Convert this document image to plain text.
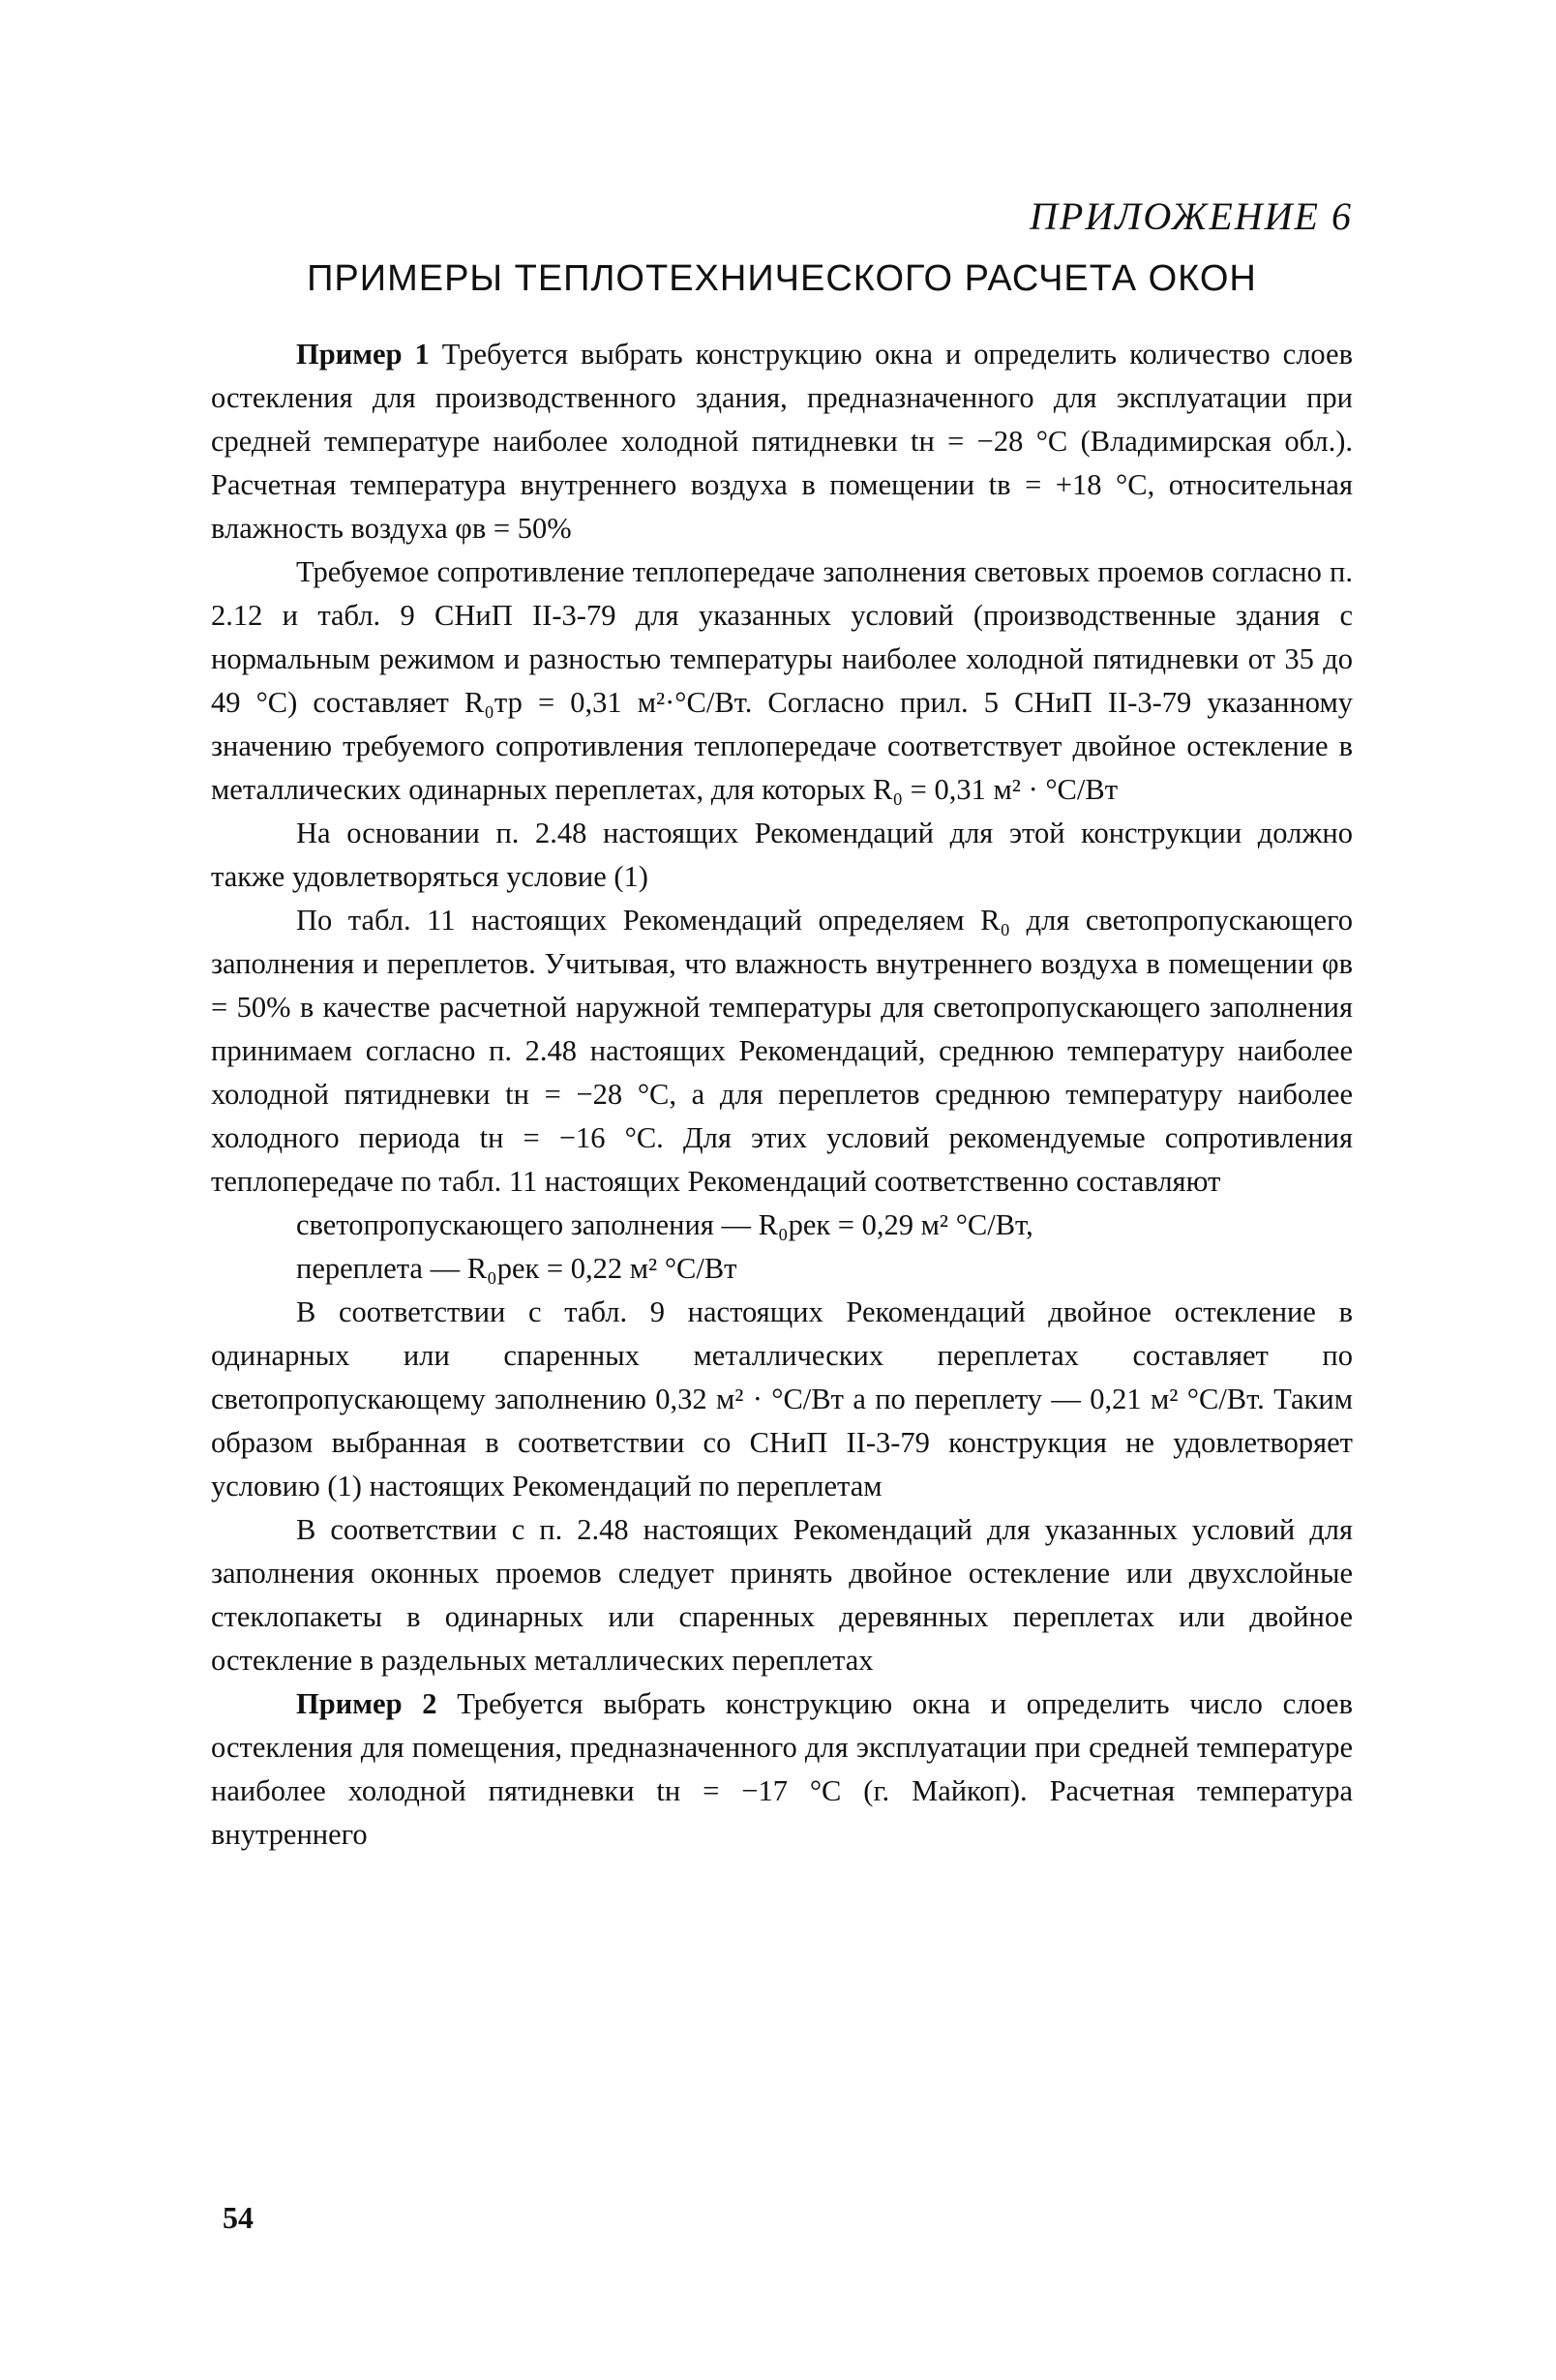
ПРИЛОЖЕНИЕ 6

ПРИМЕРЫ ТЕПЛОТЕХНИЧЕСКОГО РАСЧЕТА ОКОН

Пример 1 Требуется выбрать конструкцию окна и определить количество слоев остекления для производственного здания, предназначенного для эксплуатации при средней температуре наиболее холодной пятидневки tн = −28 °С (Владимирская обл.). Расчетная температура внутреннего воздуха в помещении tв = +18 °С, относительная влажность воздуха φв = 50%

Требуемое сопротивление теплопередаче заполнения световых проемов согласно п. 2.12 и табл. 9 СНиП II-3-79 для указанных условий (производственные здания с нормальным режимом и разностью температуры наиболее холодной пятидневки от 35 до 49 °С) составляет R₀тр = 0,31 м²·°С/Вт. Согласно прил. 5 СНиП II-3-79 указанному значению требуемого сопротивления теплопередаче соответствует двойное остекление в металлических одинарных переплетах, для которых R₀ = 0,31 м² · °С/Вт

На основании п. 2.48 настоящих Рекомендаций для этой конструкции должно также удовлетворяться условие (1)

По табл. 11 настоящих Рекомендаций определяем R₀ для светопропускающего заполнения и переплетов. Учитывая, что влажность внутреннего воздуха в помещении φв = 50% в качестве расчетной наружной температуры для светопропускающего заполнения принимаем согласно п. 2.48 настоящих Рекомендаций, среднюю температуру наиболее холодной пятидневки tн = −28 °С, а для переплетов среднюю температуру наиболее холодного периода tн = −16 °С. Для этих условий рекомендуемые сопротивления теплопередаче по табл. 11 настоящих Рекомендаций соответственно составляют

светопропускающего заполнения — R₀рек = 0,29 м² °С/Вт,

переплета — R₀рек = 0,22 м² °С/Вт

В соответствии с табл. 9 настоящих Рекомендаций двойное остекление в одинарных или спаренных металлических переплетах составляет по светопропускающему заполнению 0,32 м² · °С/Вт а по переплету — 0,21 м² °С/Вт. Таким образом выбранная в соответствии со СНиП II-3-79 конструкция не удовлетворяет условию (1) настоящих Рекомендаций по переплетам

В соответствии с п. 2.48 настоящих Рекомендаций для указанных условий для заполнения оконных проемов следует принять двойное остекление или двухслойные стеклопакеты в одинарных или спаренных деревянных переплетах или двойное остекление в раздельных металлических переплетах

Пример 2 Требуется выбрать конструкцию окна и определить число слоев остекления для помещения, предназначенного для эксплуатации при средней температуре наиболее холодной пятидневки tн = −17 °С (г. Майкоп). Расчетная температура внутреннего

54
